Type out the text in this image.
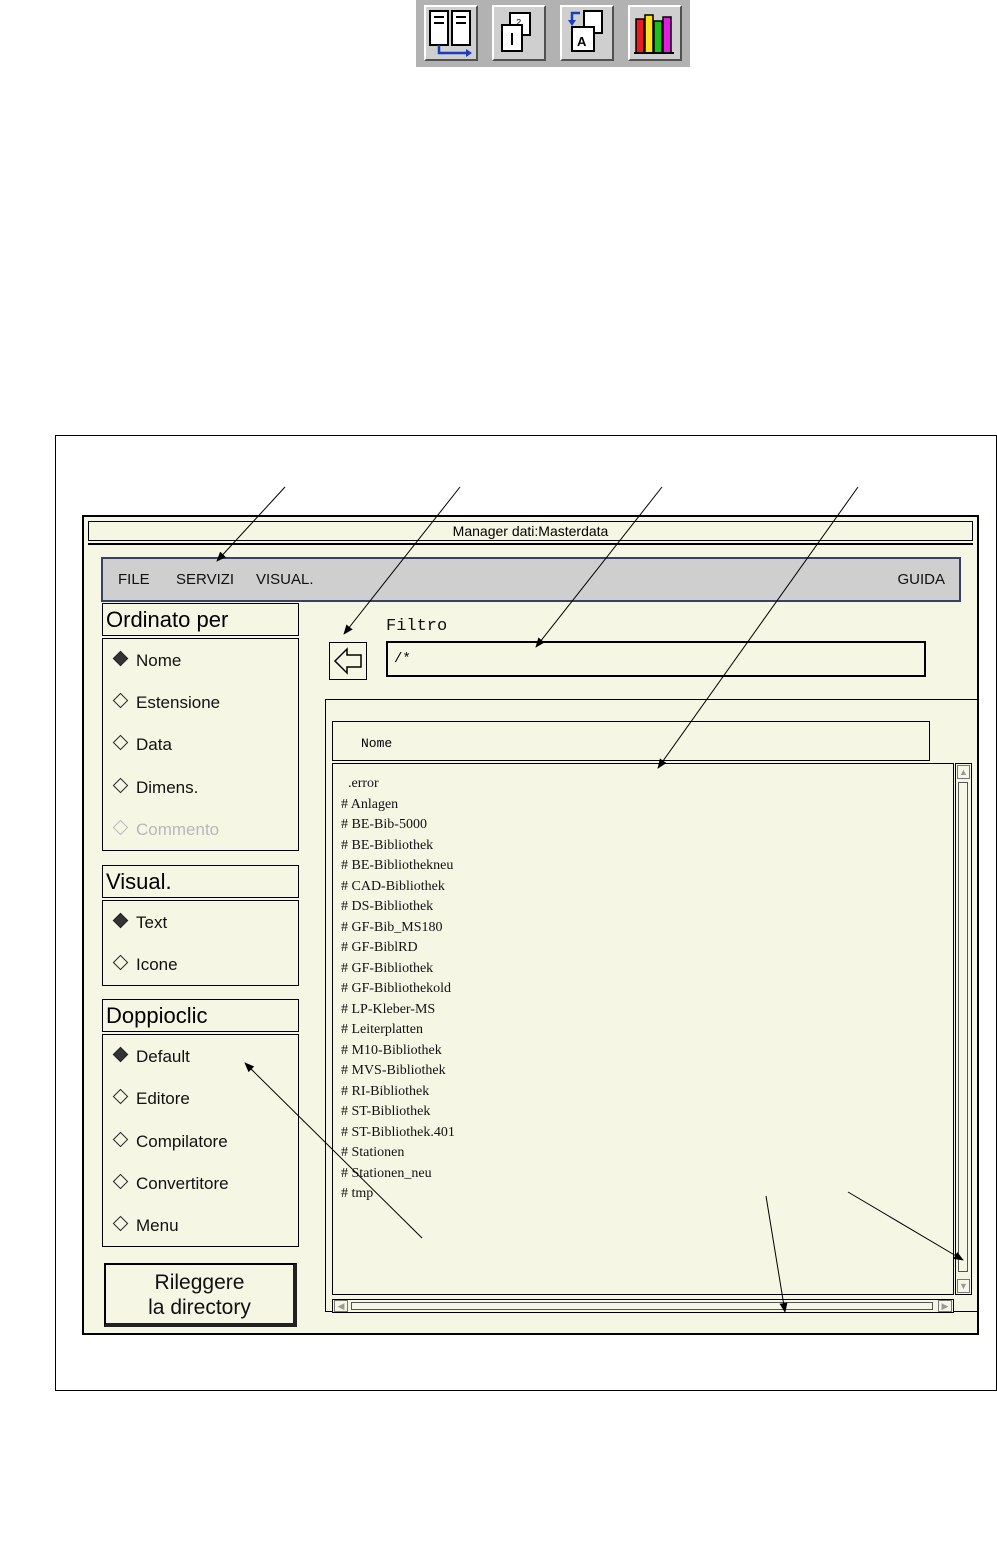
2
A
Manager dati:Masterdata
FILE SERVIZI VISUAL.	GUIDA
Ordinato per
Nome
Estensione
Data
Dimens.
Commento
Visual.
Text
Icone
Doppioclic
Default
Editore
Compilatore
Convertitore
Menu
Rileggere
la directory
Filtro
/*
Nome
.error
# Anlagen
# BE-Bib-5000
# BE-Bibliothek
# BE-Bibliothekneu
# CAD-Bibliothek
# DS-Bibliothek
# GF-Bib_MS180
# GF-BiblRD
# GF-Bibliothek
# GF-Bibliothekold
# LP-Kleber-MS
# Leiterplatten
# M10-Bibliothek
# MVS-Bibliothek
# RI-Bibliothek
# ST-Bibliothek
# ST-Bibliothek.401
# Stationen
# Stationen_neu
# tmp
▲
▼
◀	▶
